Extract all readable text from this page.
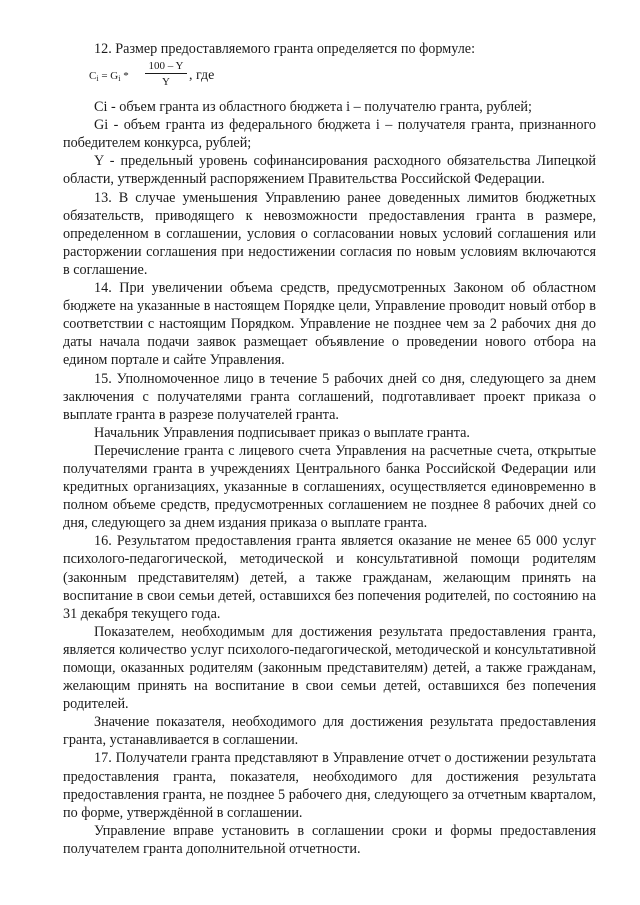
12. Размер предоставляемого гранта определяется по формуле:

$C_i = G_i * \frac{100 - Y}{Y}$ , где

Ci - объем гранта из областного бюджета i – получателю гранта, рублей;

Gi - объем гранта из федерального бюджета i – получателя гранта, признанного победителем конкурса, рублей;

Y - предельный уровень софинансирования расходного обязательства Липецкой области, утвержденный распоряжением Правительства Российской Федерации.

13. В случае уменьшения Управлению ранее доведенных лимитов бюджетных обязательств, приводящего к невозможности предоставления гранта в размере, определенном в соглашении, условия о согласовании новых условий соглашения или расторжении соглашения при недостижении согласия по новым условиям включаются в соглашение.

14. При увеличении объема средств, предусмотренных Законом об областном бюджете на указанные в настоящем Порядке цели, Управление проводит новый отбор в соответствии с настоящим Порядком. Управление не позднее чем за 2 рабочих дня до даты начала подачи заявок размещает объявление о проведении нового отбора на едином портале и сайте Управления.

15. Уполномоченное лицо в течение 5 рабочих дней со дня, следующего за днем заключения с получателями гранта соглашений, подготавливает проект приказа о выплате гранта в разрезе получателей гранта.

Начальник Управления подписывает приказ о выплате гранта.

Перечисление гранта с лицевого счета Управления на расчетные счета, открытые получателями гранта в учреждениях Центрального банка Российской Федерации или кредитных организациях, указанные в соглашениях, осуществляется единовременно в полном объеме средств, предусмотренных соглашением не позднее 8 рабочих дней со дня, следующего за днем издания приказа о выплате гранта.

16. Результатом предоставления гранта является оказание не менее 65 000 услуг психолого-педагогической, методической и консультативной помощи родителям (законным представителям) детей, а также гражданам, желающим принять на воспитание в свои семьи детей, оставшихся без попечения родителей, по состоянию на 31 декабря текущего года.

Показателем, необходимым для достижения результата предоставления гранта, является количество услуг психолого-педагогической, методической и консультативной помощи, оказанных родителям (законным представителям) детей, а также гражданам, желающим принять на воспитание в свои семьи детей, оставшихся без попечения родителей.

Значение показателя, необходимого для достижения результата предоставления гранта, устанавливается в соглашении.

17. Получатели гранта представляют в Управление отчет о достижении результата предоставления гранта, показателя, необходимого для достижения результата предоставления гранта, не позднее 5 рабочего дня, следующего за отчетным кварталом, по форме, утверждённой в соглашении.

Управление вправе установить в соглашении сроки и формы предоставления получателем гранта дополнительной отчетности.
